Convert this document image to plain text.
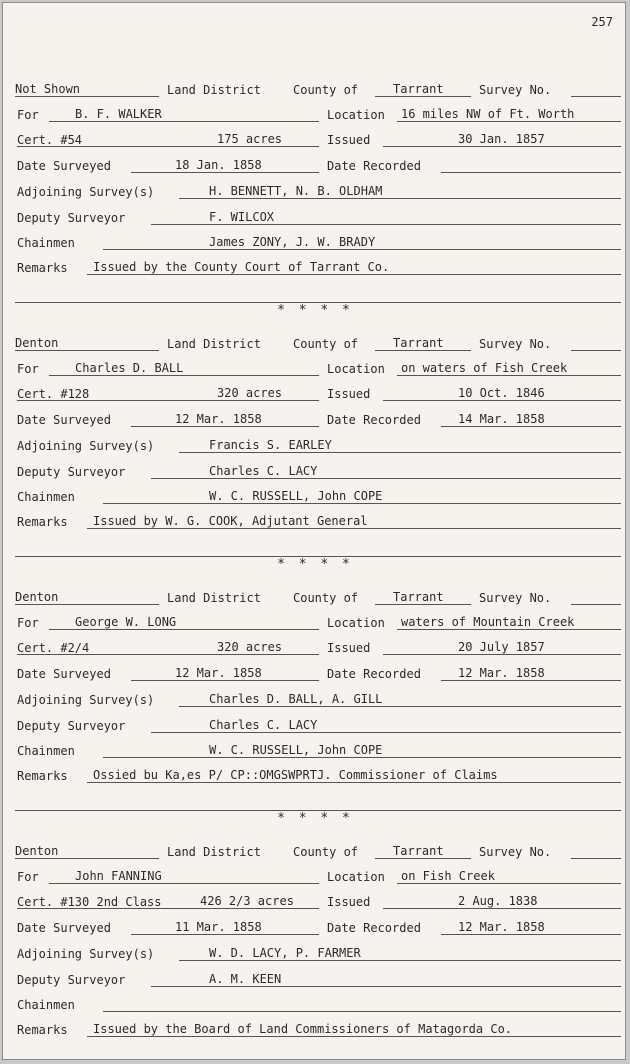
257
Not Shown	Land District	County of	Tarrant	Survey No.
For	B. F. WALKER	Location 16 miles NW of Ft. Worth
Cert. #54	175 acres	Issued	30 Jan. 1857
Date Surveyed	18 Jan. 1858	Date Recorded
Adjoining Survey(s)	H. BENNETT, N. B. OLDHAM
Deputy Surveyor	F. WILCOX
Chainmen	James ZONY, J. W. BRADY
Remarks Issued by the County Court of Tarrant Co.
Denton	Land District	County of	Tarrant	Survey No.
For	Charles D. BALL	Location on waters of Fish Creek
Cert. #128	320 acres	Issued	10 Oct. 1846
Date Surveyed	12 Mar. 1858	Date Recorded	14 Mar. 1858
Adjoining Survey(s)	Francis S. EARLEY
Deputy Surveyor	Charles C. LACY
Chainmen	W. C. RUSSELL, John COPE
Remarks Issued by W. G. COOK, Adjutant General
Denton	Land District	County of	Tarrant	Survey No.
For	George W. LONG	Location waters of Mountain Creek
Cert. #2/4	320 acres	Issued	20 July 1857
Date Surveyed	12 Mar. 1858	Date Recorded	12 Mar. 1858
Adjoining Survey(s)	Charles D. BALL, A. GILL
Deputy Surveyor	Charles C. LACY
Chainmen	W. C. RUSSELL, John COPE
Remarks Ossied bu Ka,es P/ CP::OMGSWPRTJ. Commissioner of Claims
Denton	Land District	County of	Tarrant	Survey No.
For	John FANNING	Location on Fish Creek
Cert. #130 2nd Class	426 2/3 acres	Issued	2 Aug. 1838
Date Surveyed	11 Mar. 1858	Date Recorded	12 Mar. 1858
Adjoining Survey(s)	W. D. LACY, P. FARMER
Deputy Surveyor	A. M. KEEN
Chainmen
Remarks Issued by the Board of Land Commissioners of Matagorda Co.
* * * *
* * * *
* * * *
